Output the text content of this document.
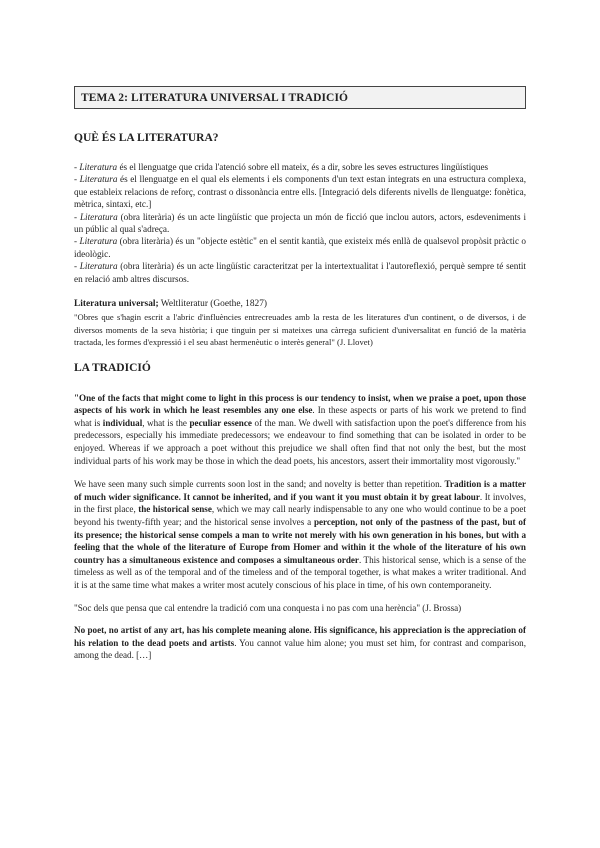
TEMA 2: LITERATURA UNIVERSAL I TRADICIÓ
QUÈ ÉS LA LITERATURA?

- Literatura és el llenguatge que crida l'atenció sobre ell mateix, és a dir, sobre les seves estructures lingüístiques

- Literatura és el llenguatge en el qual els elements i els components d'un text estan integrats en una estructura complexa, que estableix relacions de reforç, contrast o dissonància entre ells. [Integració dels diferents nivells de llenguatge: fonètica, mètrica, sintaxi, etc.]

- Literatura (obra literària) és un acte lingüístic que projecta un món de ficció que inclou autors, actors, esdeveniments i un públic al qual s'adreça.

- Literatura (obra literària) és un "objecte estètic" en el sentit kantià, que existeix més enllà de qualsevol propòsit pràctic o ideològic.

- Literatura (obra literària) és un acte lingüístic caracteritzat per la intertextualitat i l'autoreflexió, perquè sempre té sentit en relació amb altres discursos.

Literatura universal; Weltliteratur (Goethe, 1827)

"Obres que s'hagin escrit a l'abric d'influències entrecreuades amb la resta de les literatures d'un continent, o de diversos, i de diversos moments de la seva història; i que tinguin per si mateixes una càrrega suficient d'universalitat en funció de la matèria tractada, les formes d'expressió i el seu abast hermenèutic o interès general" (J. Llovet)

LA TRADICIÓ

"One of the facts that might come to light in this process is our tendency to insist, when we praise a poet, upon those aspects of his work in which he least resembles any one else. In these aspects or parts of his work we pretend to find what is individual, what is the peculiar essence of the man. We dwell with satisfaction upon the poet's difference from his predecessors, especially his immediate predecessors; we endeavour to find something that can be isolated in order to be enjoyed. Whereas if we approach a poet without this prejudice we shall often find that not only the best, but the most individual parts of his work may be those in which the dead poets, his ancestors, assert their immortality most vigorously."

We have seen many such simple currents soon lost in the sand; and novelty is better than repetition. Tradition is a matter of much wider significance. It cannot be inherited, and if you want it you must obtain it by great labour. It involves, in the first place, the historical sense, which we may call nearly indispensable to any one who would continue to be a poet beyond his twenty-fifth year; and the historical sense involves a perception, not only of the pastness of the past, but of its presence; the historical sense compels a man to write not merely with his own generation in his bones, but with a feeling that the whole of the literature of Europe from Homer and within it the whole of the literature of his own country has a simultaneous existence and composes a simultaneous order. This historical sense, which is a sense of the timeless as well as of the temporal and of the timeless and of the temporal together, is what makes a writer traditional. And it is at the same time what makes a writer most acutely conscious of his place in time, of his own contemporaneity.

"Soc dels que pensa que cal entendre la tradició com una conquesta i no pas com una herència" (J. Brossa)

No poet, no artist of any art, has his complete meaning alone. His significance, his appreciation is the appreciation of his relation to the dead poets and artists. You cannot value him alone; you must set him, for contrast and comparison, among the dead. […]
